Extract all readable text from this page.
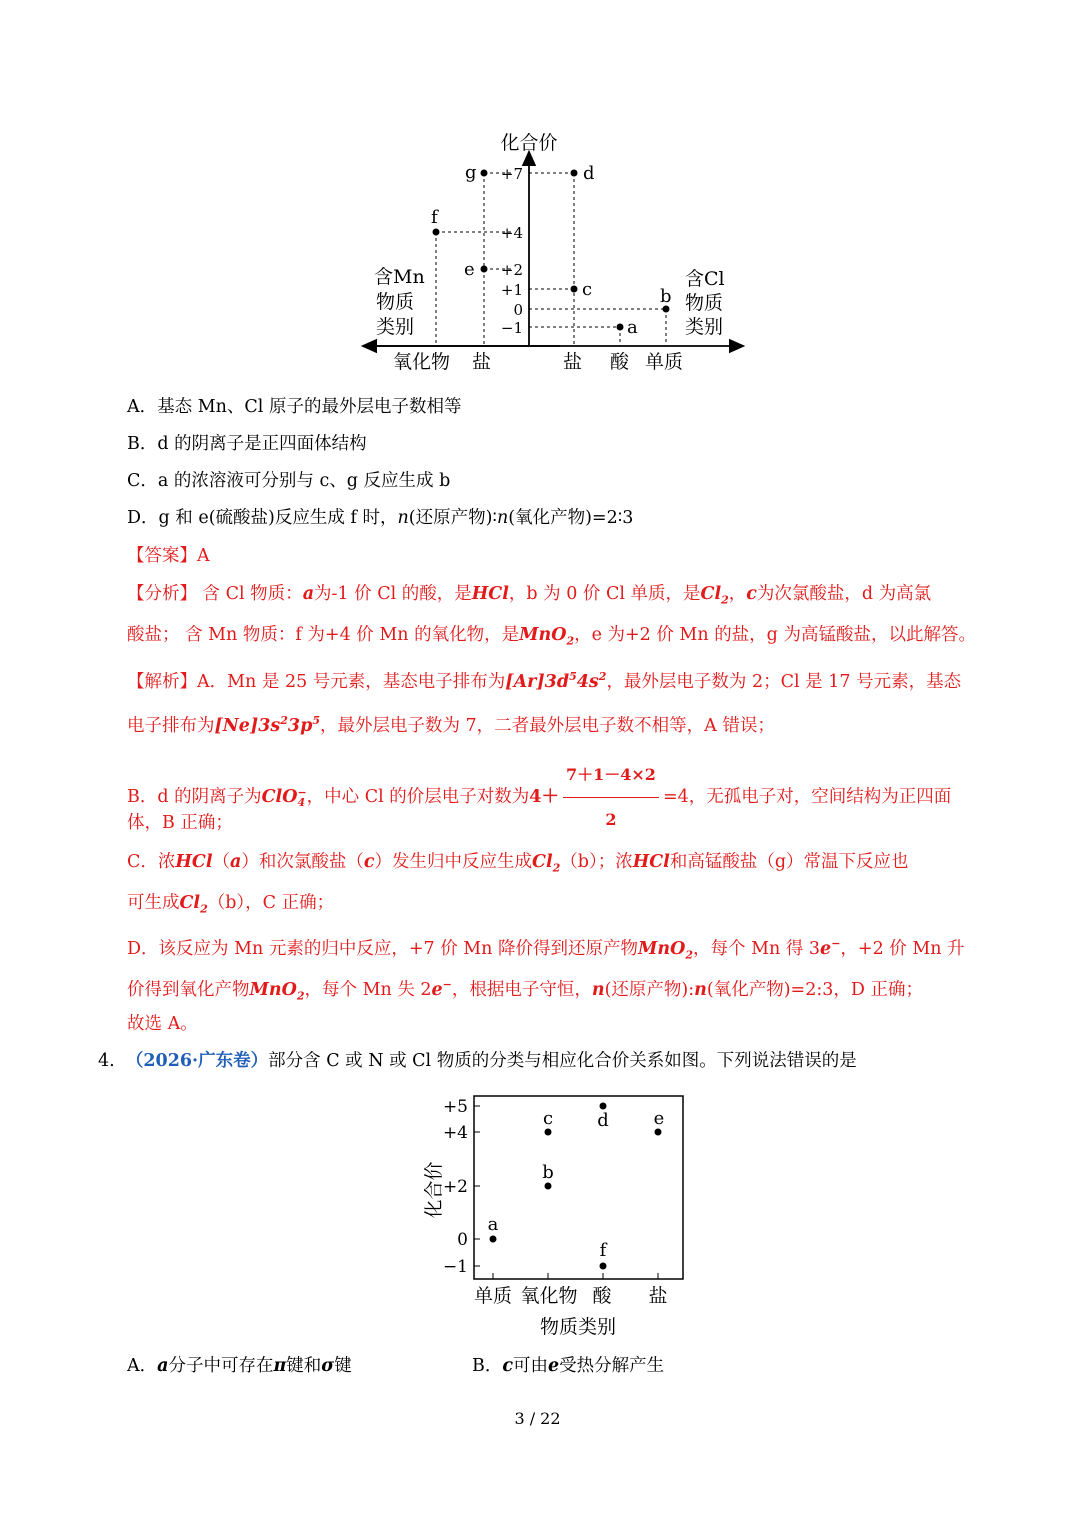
+7
+4
+2
+1
0
−1
g	d
f
e
c	b
a
化合价
含Mn
物质
类别
含Cl
物质
类别
氧化物 盐	盐 酸 单质
A．基态 Mn、Cl 原子的最外层电子数相等
B．d 的阴离子是正四面体结构
C．a 的浓溶液可分别与 c、g 反应生成 b
D．g 和 e(硫酸盐)反应生成 f 时，n(还原产物)∶n(氧化产物)=2∶3
【答案】A
【分析】 含 Cl 物质：a为-1 价 Cl 的酸，是HCl，b 为 0 价 Cl 单质，是$Cl_2$，c为次氯酸盐，d 为高氯
酸盐； 含 Mn 物质：f 为+4 价 Mn 的氧化物，是MnO$_2$，e 为+2 价 Mn 的盐，g 为高锰酸盐，以此解答。
【解析】A．Mn 是 25 号元素，基态电子排布为$[Ar]3d^54s^2$，最外层电子数为 2；Cl 是 17 号元素，基态
电子排布为$[Ne]3s^23p^5$，最外层电子数为 7，二者最外层电子数不相等，A 错误；
B．d 的阴离子为ClO −
4 ，中心 Cl 的价层电子对数为$4+ \frac{7+1-4\times 2}{2} =4$，无孤电子对，空间结构为正四面
体，B 正确；
C．浓HCl（a）和次氯酸盐（c）发生归中反应生成$Cl_2(b)$；浓HCl和高锰酸盐（g）常温下反应也
可生成$Cl_2(b)$，C 正确；
D．该反应为 Mn 元素的归中反应，+7 价 Mn 降价得到还原产物MnO$_2$，每个 Mn 得 3e−，+2 价 Mn 升
价得到氧化产物MnO$_2$，每个 Mn 失 2e−，根据电子守恒，n(还原产物):n(氧化产物)=2:3，D 正确；
故选 A。
4. （2026·广东卷）部分含 C 或 N 或 Cl 物质的分类与相应化合价关系如图。下列说法错误的是
+5
+4
+2
0
−1
单质 氧化物 酸 盐
物质类别
化合价
a
b
c d e
f
A．a分子中可存在π键和σ键	B．c可由e受热分解产生
3 / 22
